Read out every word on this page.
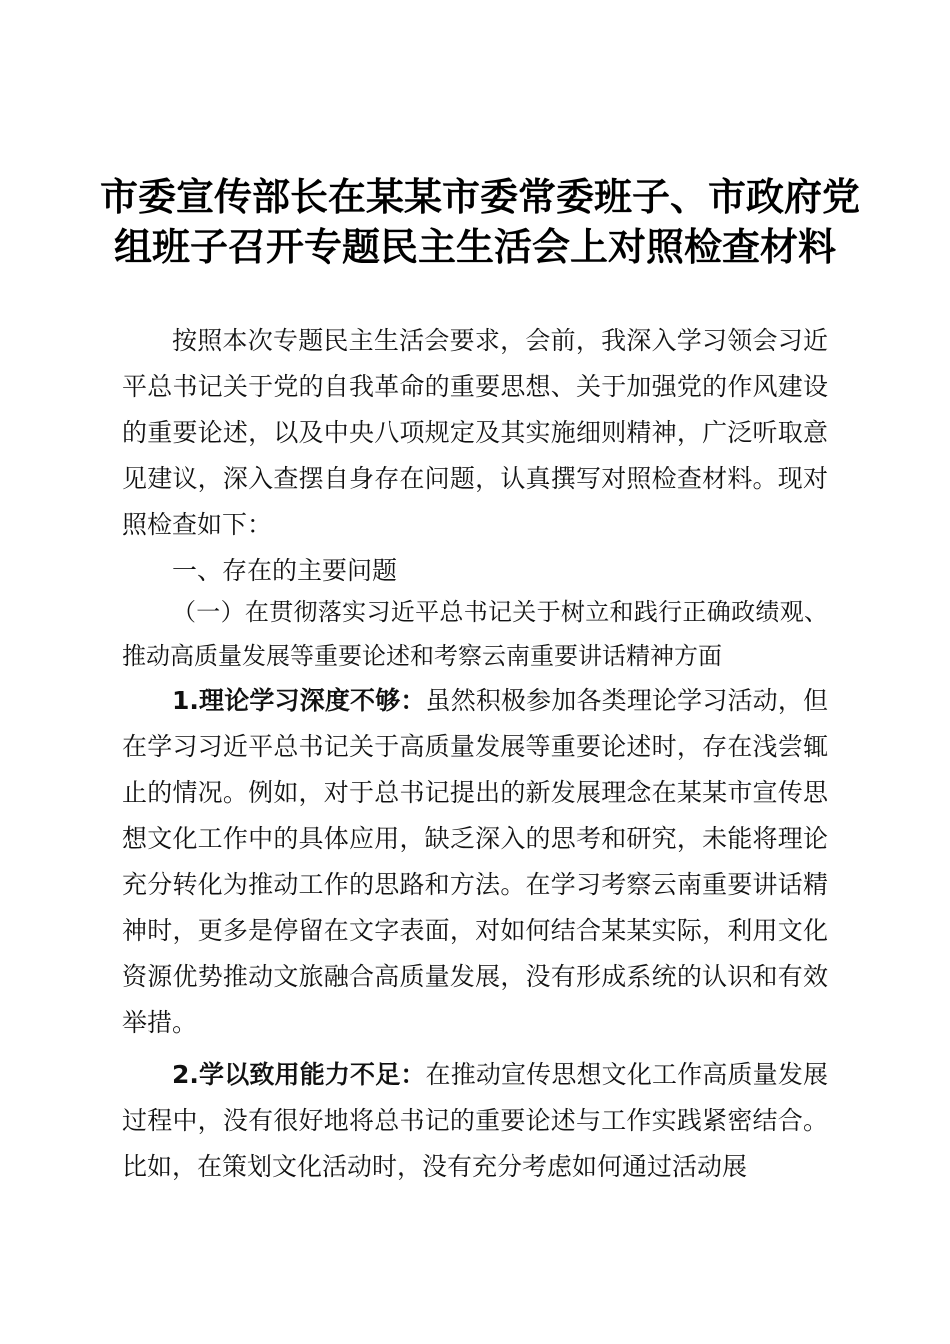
市委宣传部长在某某市委常委班子、市政府党
组班子召开专题民主生活会上对照检查材料

按照本次专题民主生活会要求，会前，我深入学习领会习近平总书记关于党的自我革命的重要思想、关于加强党的作风建设的重要论述，以及中央八项规定及其实施细则精神，广泛听取意见建议，深入查摆自身存在问题，认真撰写对照检查材料。现对照检查如下：

一、存在的主要问题

（一）在贯彻落实习近平总书记关于树立和践行正确政绩观、推动高质量发展等重要论述和考察云南重要讲话精神方面

1.理论学习深度不够：虽然积极参加各类理论学习活动，但在学习习近平总书记关于高质量发展等重要论述时，存在浅尝辄止的情况。例如，对于总书记提出的新发展理念在某某市宣传思想文化工作中的具体应用，缺乏深入的思考和研究，未能将理论充分转化为推动工作的思路和方法。在学习考察云南重要讲话精神时，更多是停留在文字表面，对如何结合某某实际，利用文化资源优势推动文旅融合高质量发展，没有形成系统的认识和有效举措。

2.学以致用能力不足：在推动宣传思想文化工作高质量发展过程中，没有很好地将总书记的重要论述与工作实践紧密结合。比如，在策划文化活动时，没有充分考虑如何通过活动展
